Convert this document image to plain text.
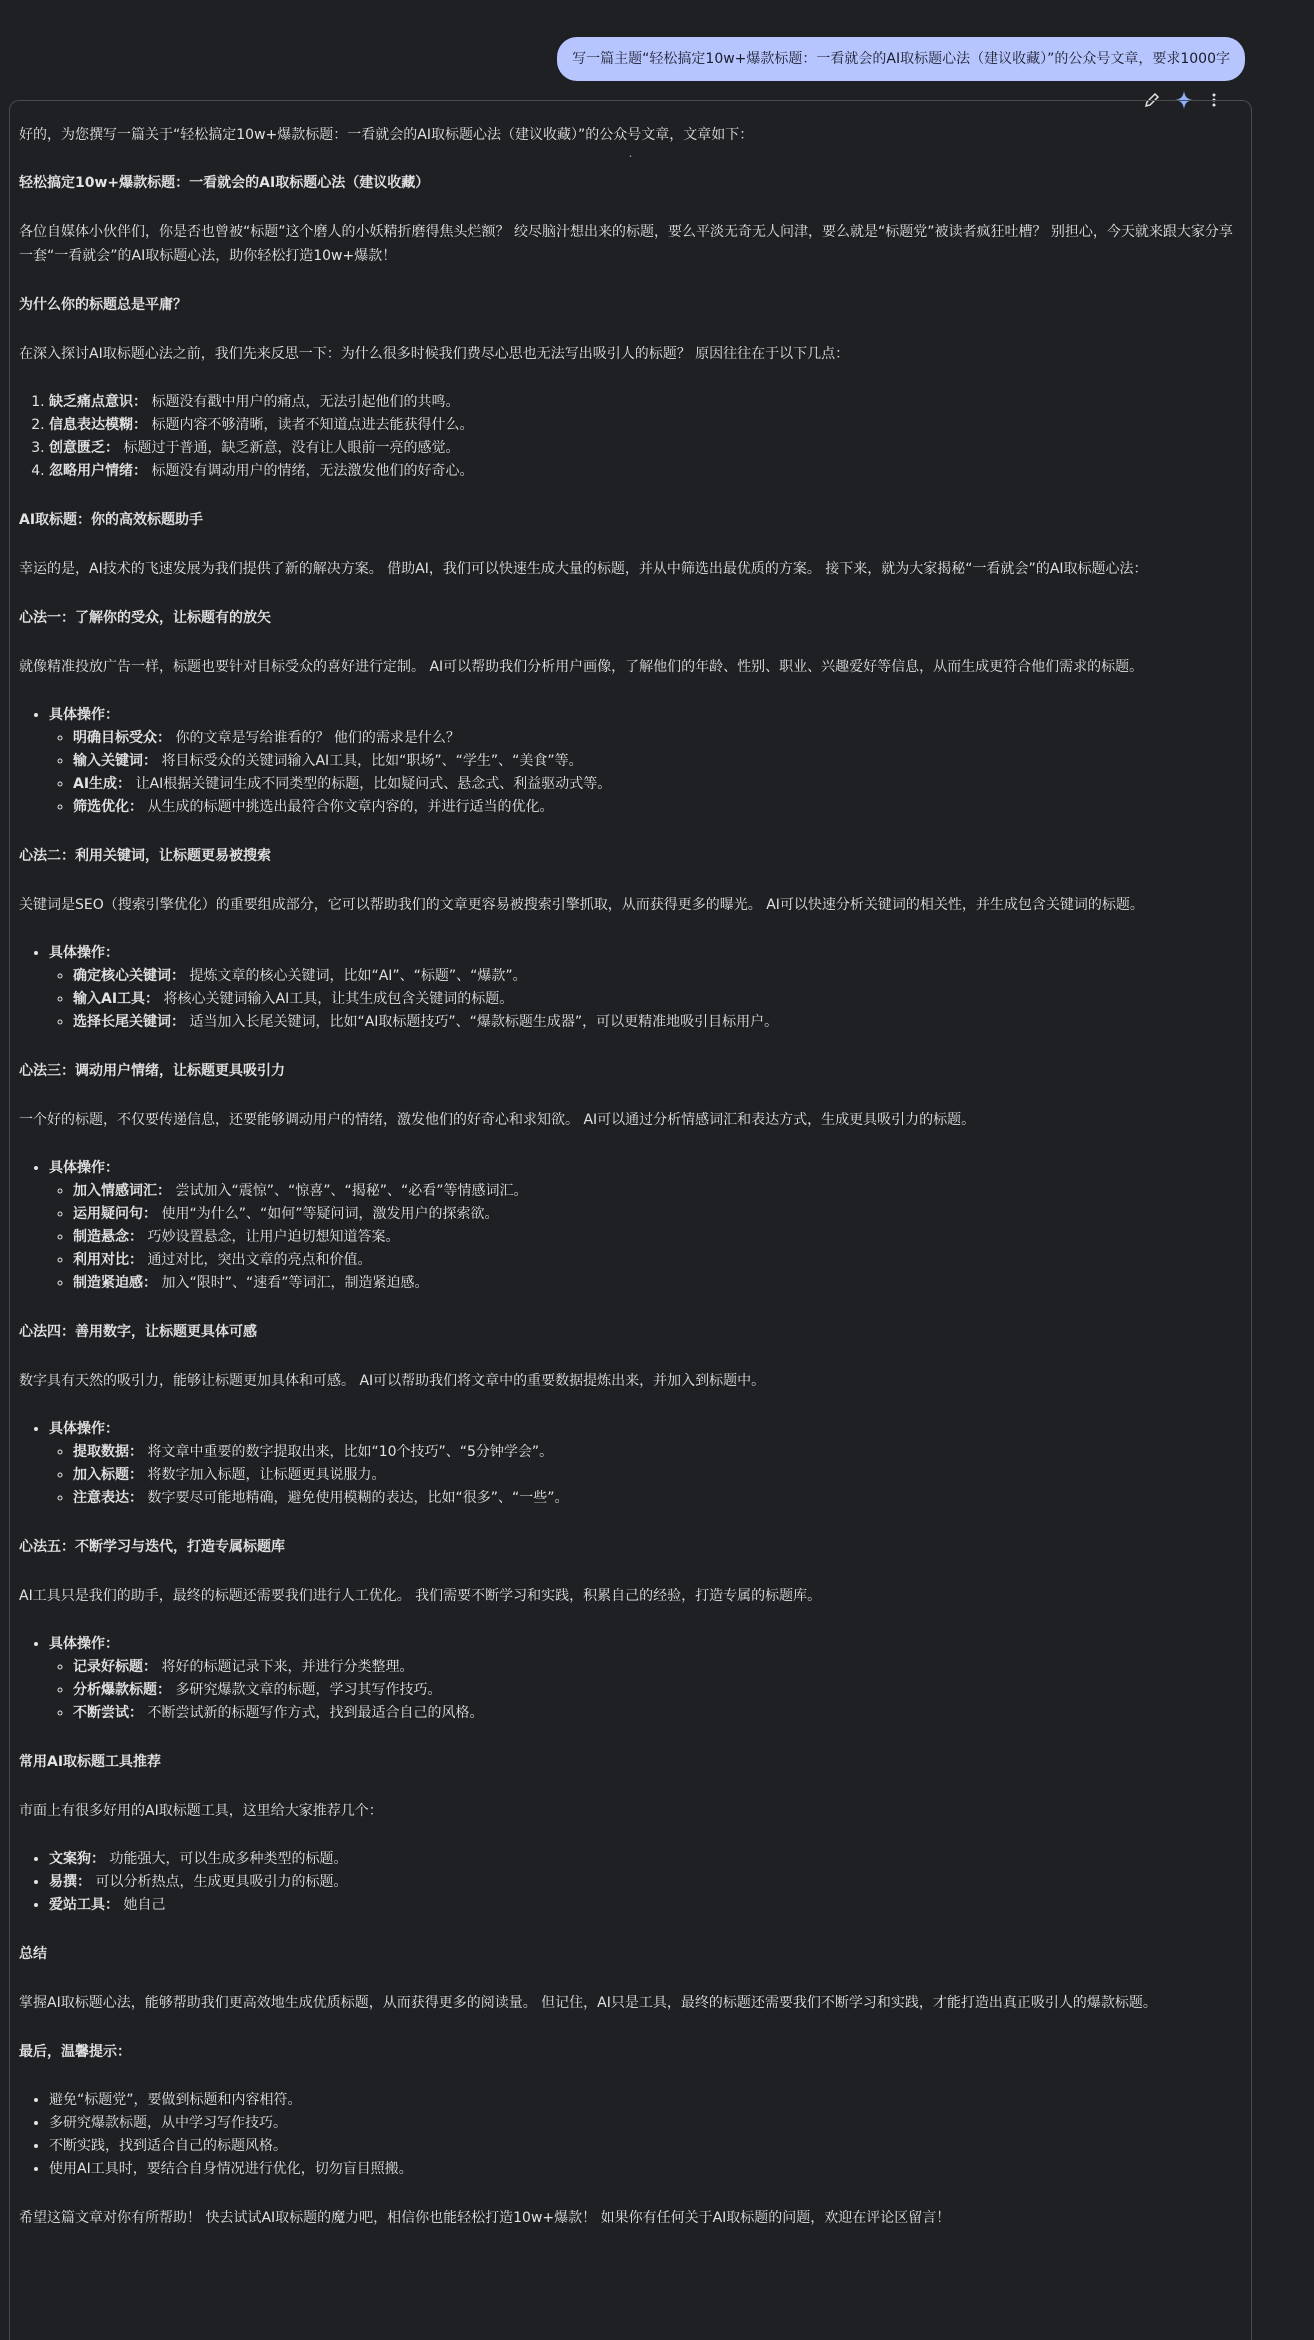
写一篇主题“轻松搞定10w+爆款标题：一看就会的AI取标题心法（建议收藏）”的公众号文章，要求1000字

好的，为您撰写一篇关于“轻松搞定10w+爆款标题：一看就会的AI取标题心法（建议收藏）”的公众号文章，文章如下：

.

轻松搞定10w+爆款标题：一看就会的AI取标题心法（建议收藏）

各位自媒体小伙伴们，你是否也曾被“标题”这个磨人的小妖精折磨得焦头烂额？ 绞尽脑汁想出来的标题，要么平淡无奇无人问津，要么就是“标题党”被读者疯狂吐槽？ 别担心，今天就来跟大家分享一套“一看就会”的AI取标题心法，助你轻松打造10w+爆款！

为什么你的标题总是平庸？

在深入探讨AI取标题心法之前，我们先来反思一下：为什么很多时候我们费尽心思也无法写出吸引人的标题？ 原因往往在于以下几点：

1. 缺乏痛点意识： 标题没有戳中用户的痛点，无法引起他们的共鸣。
2. 信息表达模糊： 标题内容不够清晰，读者不知道点进去能获得什么。
3. 创意匮乏： 标题过于普通，缺乏新意，没有让人眼前一亮的感觉。
4. 忽略用户情绪： 标题没有调动用户的情绪，无法激发他们的好奇心。

AI取标题：你的高效标题助手

幸运的是，AI技术的飞速发展为我们提供了新的解决方案。 借助AI，我们可以快速生成大量的标题，并从中筛选出最优质的方案。 接下来，就为大家揭秘“一看就会”的AI取标题心法：

心法一：了解你的受众，让标题有的放矢

就像精准投放广告一样，标题也要针对目标受众的喜好进行定制。 AI可以帮助我们分析用户画像，了解他们的年龄、性别、职业、兴趣爱好等信息，从而生成更符合他们需求的标题。

• 具体操作：
◦ 明确目标受众： 你的文章是写给谁看的？ 他们的需求是什么？
◦ 输入关键词： 将目标受众的关键词输入AI工具，比如“职场”、“学生”、“美食”等。
◦ AI生成： 让AI根据关键词生成不同类型的标题，比如疑问式、悬念式、利益驱动式等。
◦ 筛选优化： 从生成的标题中挑选出最符合你文章内容的，并进行适当的优化。

心法二：利用关键词，让标题更易被搜索

关键词是SEO（搜索引擎优化）的重要组成部分，它可以帮助我们的文章更容易被搜索引擎抓取，从而获得更多的曝光。 AI可以快速分析关键词的相关性，并生成包含关键词的标题。

• 具体操作：
◦ 确定核心关键词： 提炼文章的核心关键词，比如“AI”、“标题”、“爆款”。
◦ 输入AI工具： 将核心关键词输入AI工具，让其生成包含关键词的标题。
◦ 选择长尾关键词： 适当加入长尾关键词，比如“AI取标题技巧”、“爆款标题生成器”，可以更精准地吸引目标用户。

心法三：调动用户情绪，让标题更具吸引力

一个好的标题，不仅要传递信息，还要能够调动用户的情绪，激发他们的好奇心和求知欲。 AI可以通过分析情感词汇和表达方式，生成更具吸引力的标题。

• 具体操作：
◦ 加入情感词汇： 尝试加入“震惊”、“惊喜”、“揭秘”、“必看”等情感词汇。
◦ 运用疑问句： 使用“为什么”、“如何”等疑问词，激发用户的探索欲。
◦ 制造悬念： 巧妙设置悬念，让用户迫切想知道答案。
◦ 利用对比： 通过对比，突出文章的亮点和价值。
◦ 制造紧迫感： 加入“限时”、“速看”等词汇，制造紧迫感。

心法四：善用数字，让标题更具体可感

数字具有天然的吸引力，能够让标题更加具体和可感。 AI可以帮助我们将文章中的重要数据提炼出来，并加入到标题中。

• 具体操作：
◦ 提取数据： 将文章中重要的数字提取出来，比如“10个技巧”、“5分钟学会”。
◦ 加入标题： 将数字加入标题，让标题更具说服力。
◦ 注意表达： 数字要尽可能地精确，避免使用模糊的表达，比如“很多”、“一些”。

心法五：不断学习与迭代，打造专属标题库

AI工具只是我们的助手，最终的标题还需要我们进行人工优化。 我们需要不断学习和实践，积累自己的经验，打造专属的标题库。

• 具体操作：
◦ 记录好标题： 将好的标题记录下来，并进行分类整理。
◦ 分析爆款标题： 多研究爆款文章的标题，学习其写作技巧。
◦ 不断尝试： 不断尝试新的标题写作方式，找到最适合自己的风格。

常用AI取标题工具推荐

市面上有很多好用的AI取标题工具，这里给大家推荐几个：

• 文案狗： 功能强大，可以生成多种类型的标题。
• 易撰： 可以分析热点，生成更具吸引力的标题。
• 爱站工具： 她自己

总结

掌握AI取标题心法，能够帮助我们更高效地生成优质标题，从而获得更多的阅读量。 但记住，AI只是工具，最终的标题还需要我们不断学习和实践，才能打造出真正吸引人的爆款标题。

最后，温馨提示：

• 避免“标题党”，要做到标题和内容相符。
• 多研究爆款标题，从中学习写作技巧。
• 不断实践，找到适合自己的标题风格。
• 使用AI工具时，要结合自身情况进行优化，切勿盲目照搬。

希望这篇文章对你有所帮助！ 快去试试AI取标题的魔力吧，相信你也能轻松打造10w+爆款！ 如果你有任何关于AI取标题的问题，欢迎在评论区留言！
